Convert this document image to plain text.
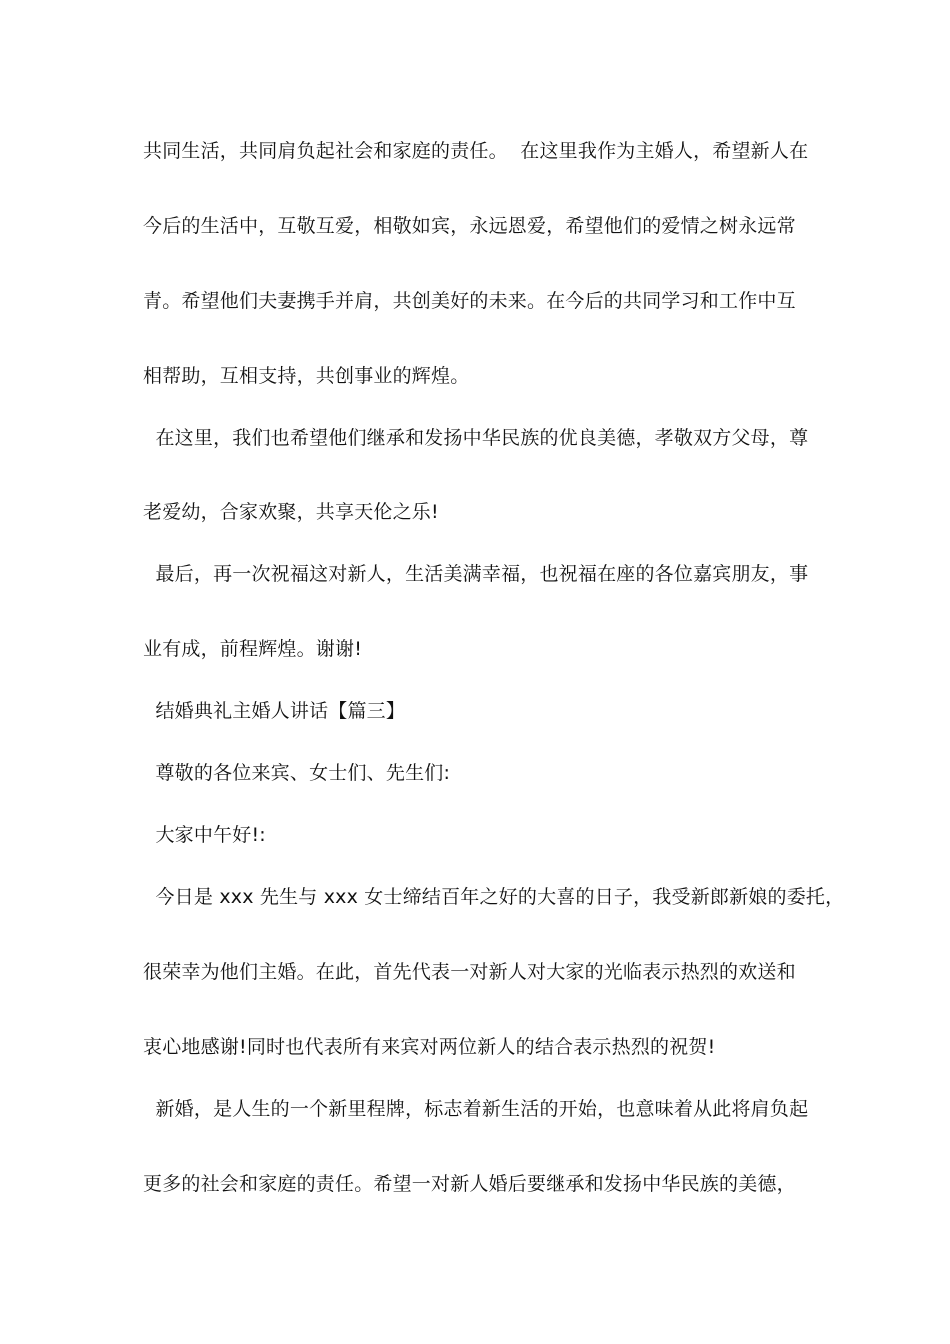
共同生活，共同肩负起社会和家庭的责任。  在这里我作为主婚人，希望新人在
今后的生活中，互敬互爱，相敬如宾，永远恩爱，希望他们的爱情之树永远常
青。希望他们夫妻携手并肩，共创美好的未来。在今后的共同学习和工作中互
相帮助，互相支持，共创事业的辉煌。
在这里，我们也希望他们继承和发扬中华民族的优良美德，孝敬双方父母，尊
老爱幼，合家欢聚，共享天伦之乐!
最后，再一次祝福这对新人，生活美满幸福，也祝福在座的各位嘉宾朋友，事
业有成，前程辉煌。谢谢!
结婚典礼主婚人讲话【篇三】
尊敬的各位来宾、女士们、先生们:
大家中午好!:
今日是 xxx 先生与 xxx 女士缔结百年之好的大喜的日子，我受新郎新娘的委托，
很荣幸为他们主婚。在此，首先代表一对新人对大家的光临表示热烈的欢送和
衷心地感谢!同时也代表所有来宾对两位新人的结合表示热烈的祝贺!
新婚，是人生的一个新里程牌，标志着新生活的开始，也意味着从此将肩负起
更多的社会和家庭的责任。希望一对新人婚后要继承和发扬中华民族的美德，
